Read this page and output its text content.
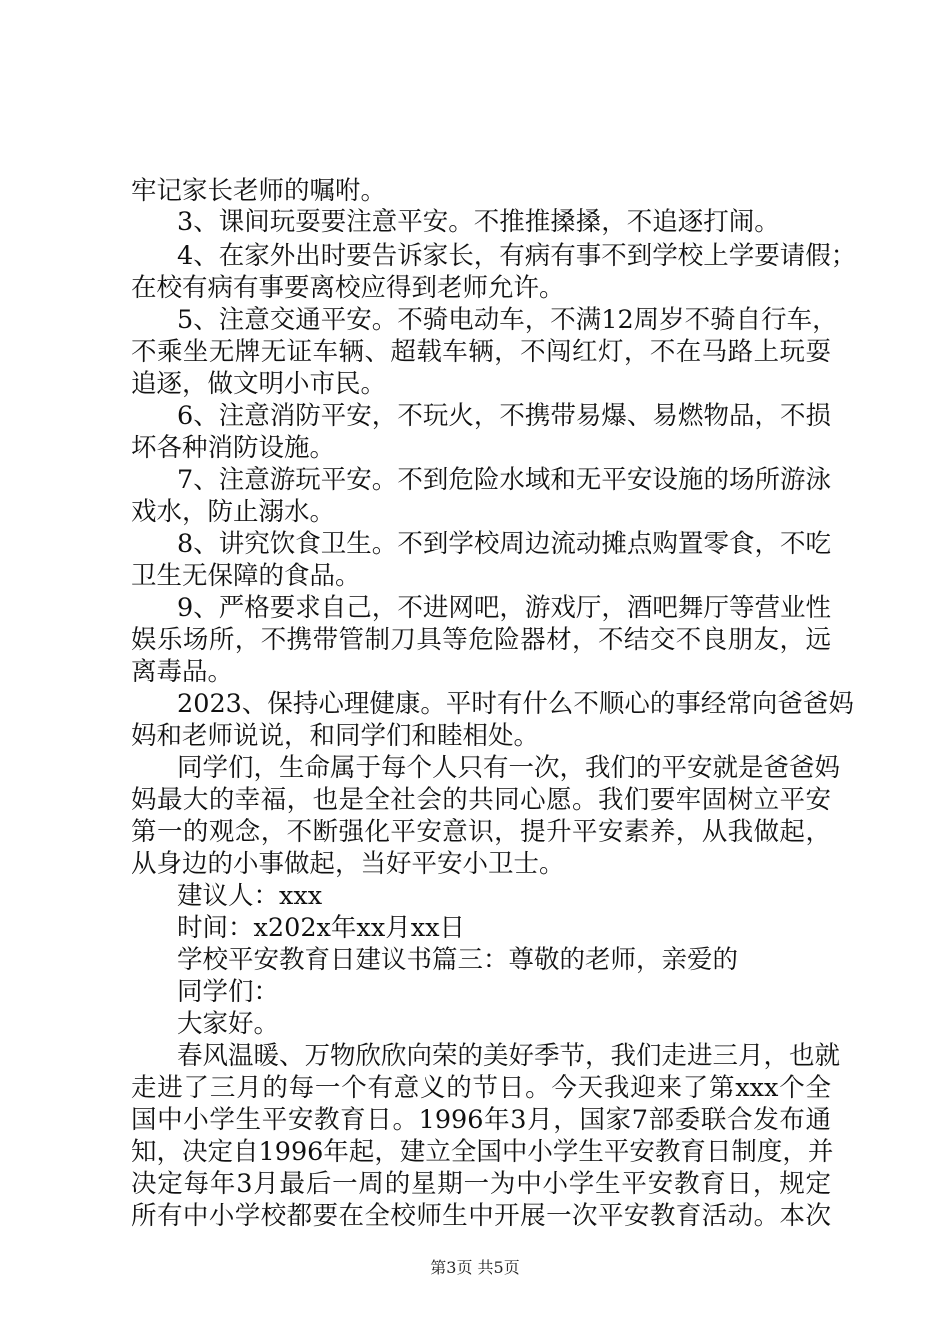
牢记家长老师的嘱咐。
3、课间玩耍要注意平安。不推推搡搡，不追逐打闹。
4、在家外出时要告诉家长，有病有事不到学校上学要请假；
在校有病有事要离校应得到老师允许。
5、注意交通平安。不骑电动车，不满12周岁不骑自行车，
不乘坐无牌无证车辆、超载车辆，不闯红灯，不在马路上玩耍
追逐，做文明小市民。
6、注意消防平安，不玩火，不携带易爆、易燃物品，不损
坏各种消防设施。
7、注意游玩平安。不到危险水域和无平安设施的场所游泳
戏水，防止溺水。
8、讲究饮食卫生。不到学校周边流动摊点购置零食，不吃
卫生无保障的食品。
9、严格要求自己，不进网吧，游戏厅，酒吧舞厅等营业性
娱乐场所，不携带管制刀具等危险器材，不结交不良朋友，远
离毒品。
2023、保持心理健康。平时有什么不顺心的事经常向爸爸妈
妈和老师说说，和同学们和睦相处。
同学们，生命属于每个人只有一次，我们的平安就是爸爸妈
妈最大的幸福，也是全社会的共同心愿。我们要牢固树立平安
第一的观念，不断强化平安意识，提升平安素养，从我做起，
从身边的小事做起，当好平安小卫士。
建议人：xxx
时间：x202x年xx月xx日
学校平安教育日建议书篇三：尊敬的老师，亲爱的
同学们：
大家好。
春风温暖、万物欣欣向荣的美好季节，我们走进三月，也就
走进了三月的每一个有意义的节日。今天我迎来了第xxx个全
国中小学生平安教育日。1996年3月，国家7部委联合发布通
知，决定自1996年起，建立全国中小学生平安教育日制度，并
决定每年3月最后一周的星期一为中小学生平安教育日，规定
所有中小学校都要在全校师生中开展一次平安教育活动。本次
第3页 共5页
